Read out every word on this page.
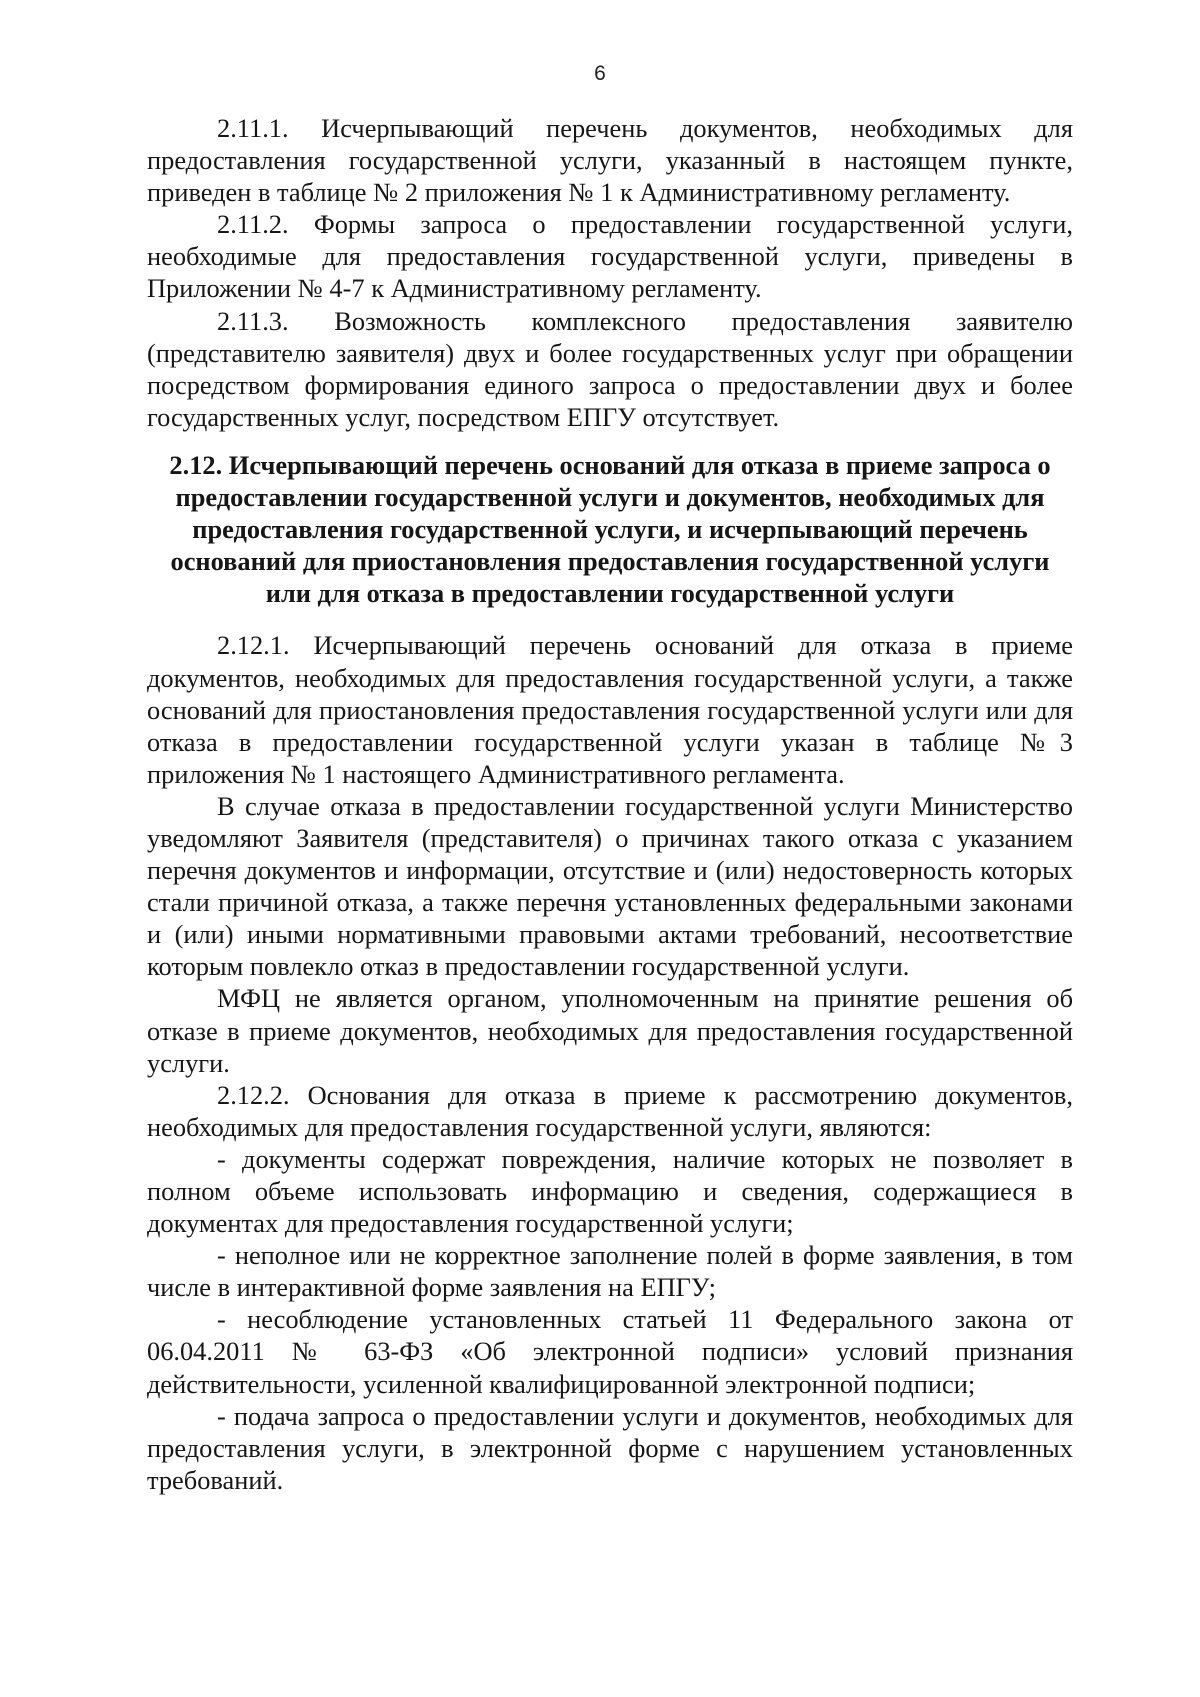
6

2.11.1. Исчерпывающий перечень документов, необходимых для предоставления государственной услуги, указанный в настоящем пункте, приведен в таблице № 2 приложения № 1 к Административному регламенту.

2.11.2. Формы запроса о предоставлении государственной услуги, необходимые для предоставления государственной услуги, приведены в Приложении № 4-7 к Административному регламенту.

2.11.3. Возможность комплексного предоставления заявителю (представителю заявителя) двух и более государственных услуг при обращении посредством формирования единого запроса о предоставлении двух и более государственных услуг, посредством ЕПГУ отсутствует.

2.12. Исчерпывающий перечень оснований для отказа в приеме запроса о предоставлении государственной услуги и документов, необходимых для предоставления государственной услуги, и исчерпывающий перечень оснований для приостановления предоставления государственной услуги или для отказа в предоставлении государственной услуги

2.12.1. Исчерпывающий перечень оснований для отказа в приеме документов, необходимых для предоставления государственной услуги, а также оснований для приостановления предоставления государственной услуги или для отказа в предоставлении государственной услуги указан в таблице №3 приложения № 1 настоящего Административного регламента.

В случае отказа в предоставлении государственной услуги Министерство уведомляют Заявителя (представителя) о причинах такого отказа с указанием перечня документов и информации, отсутствие и (или) недостоверность которых стали причиной отказа, а также перечня установленных федеральными законами и (или) иными нормативными правовыми актами требований, несоответствие которым повлекло отказ в предоставлении государственной услуги.

МФЦ не является органом, уполномоченным на принятие решения об отказе в приеме документов, необходимых для предоставления государственной услуги.

2.12.2. Основания для отказа в приеме к рассмотрению документов, необходимых для предоставления государственной услуги, являются:

- документы содержат повреждения, наличие которых не позволяет в полном объеме использовать информацию и сведения, содержащиеся в документах для предоставления государственной услуги;

- неполное или не корректное заполнение полей в форме заявления, в том числе в интерактивной форме заявления на ЕПГУ;

- несоблюдение установленных статьей 11 Федерального закона от 06.04.2011 № 63-ФЗ «Об электронной подписи» условий признания действительности, усиленной квалифицированной электронной подписи;

- подача запроса о предоставлении услуги и документов, необходимых для предоставления услуги, в электронной форме с нарушением установленных требований.
